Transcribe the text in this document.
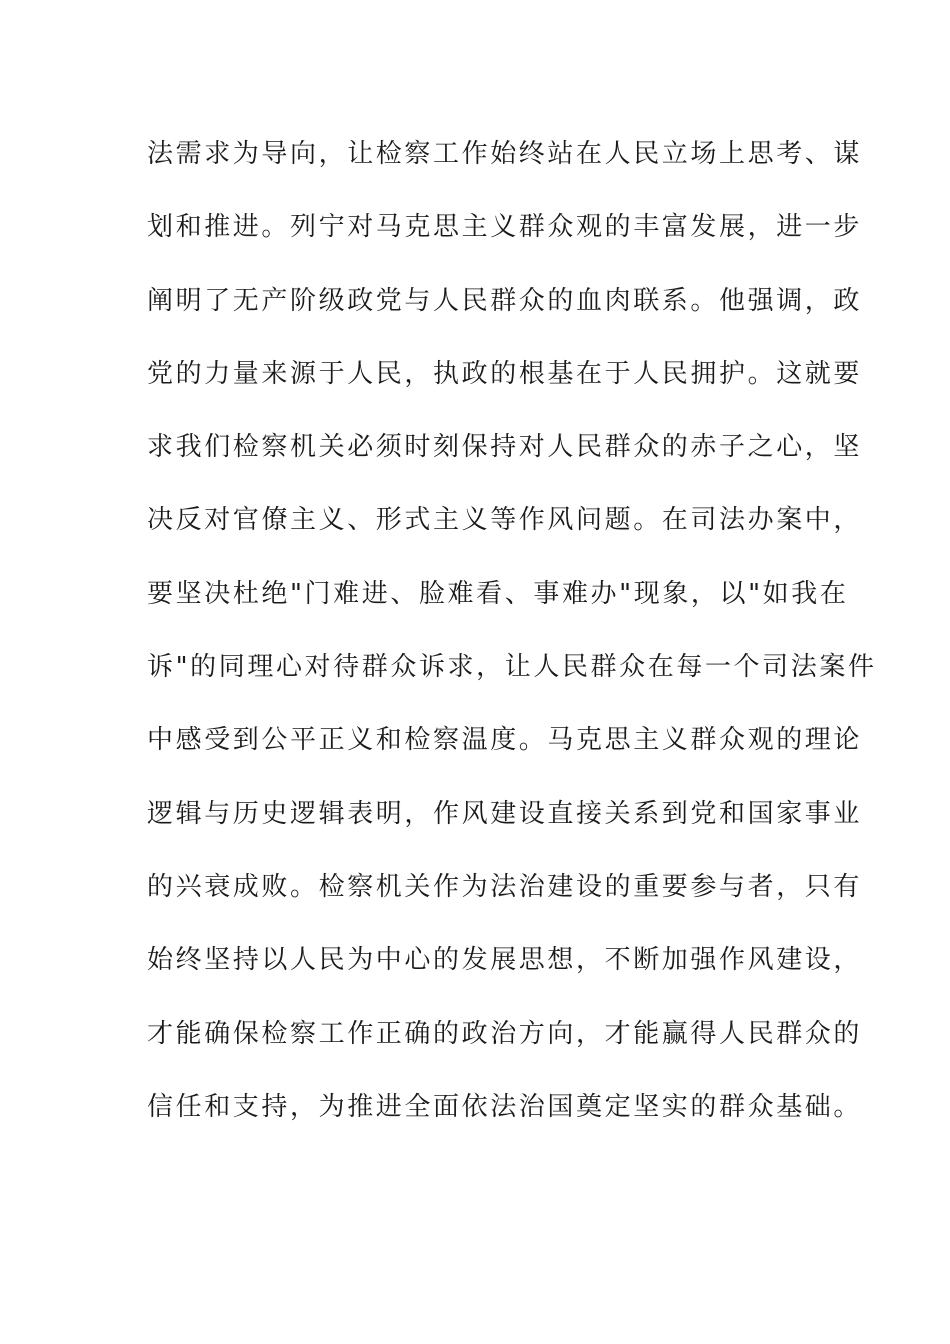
法需求为导向，让检察工作始终站在人民立场上思考、谋
划和推进。列宁对马克思主义群众观的丰富发展，进一步
阐明了无产阶级政党与人民群众的血肉联系。他强调，政
党的力量来源于人民，执政的根基在于人民拥护。这就要
求我们检察机关必须时刻保持对人民群众的赤子之心，坚
决反对官僚主义、形式主义等作风问题。在司法办案中，
要坚决杜绝"门难进、脸难看、事难办"现象，以"如我在
诉"的同理心对待群众诉求，让人民群众在每一个司法案件
中感受到公平正义和检察温度。马克思主义群众观的理论
逻辑与历史逻辑表明，作风建设直接关系到党和国家事业
的兴衰成败。检察机关作为法治建设的重要参与者，只有
始终坚持以人民为中心的发展思想，不断加强作风建设，
才能确保检察工作正确的政治方向，才能赢得人民群众的
信任和支持，为推进全面依法治国奠定坚实的群众基础。
